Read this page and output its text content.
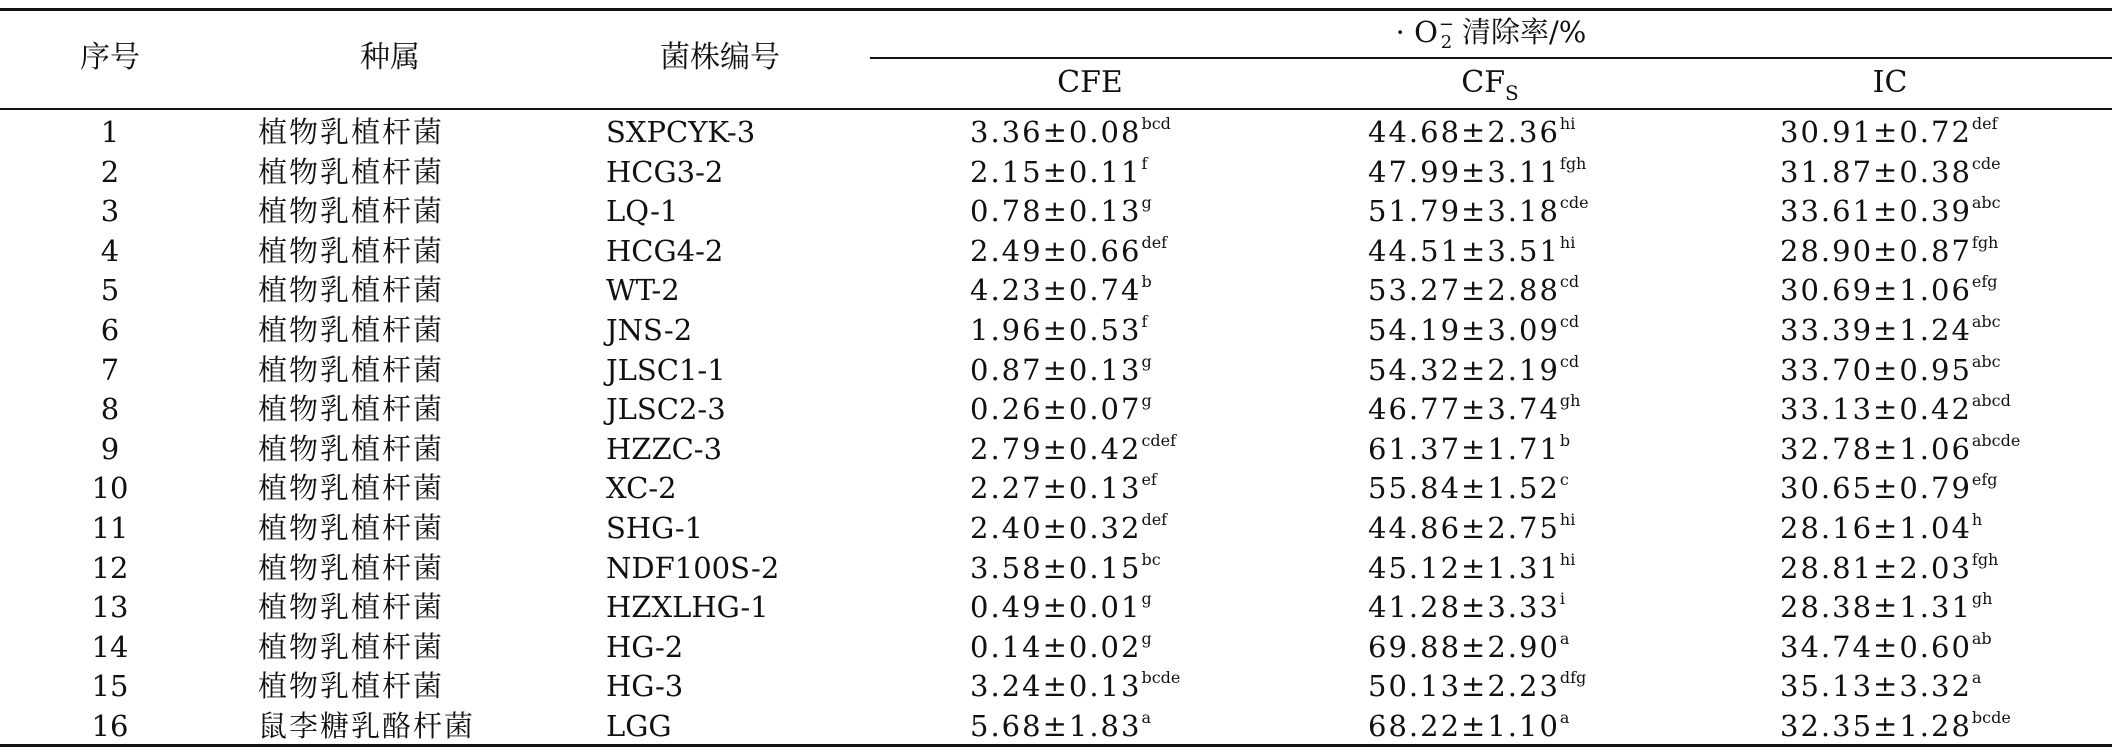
序号	种属	菌株编号
· O −
2 清除率/%
CFE	$CF_S$	IC
1	植物乳植杆菌	SXPCYK-3	3.36±0.08$^{bcd}$	$44.68\pm 2.36^{hi}$	30.91±0.72$^{def}$
2	植物乳植杆菌	HCG3-2	2.15±0.11$^f$	47.99±3.11$^{fgh}$	31.87±0.38$^{cde}$
3	植物乳植杆菌	LQ-1	0.78±0.13$^g$	51.79±3.18$^{cde}$	33.61±0.39$^{abc}$
4	植物乳植杆菌	HCG4-2	2.49±0.66$^{def}$	$44.51\pm 3.51^{hi}$	28.90±0.87$^{fgh}$
5	植物乳植杆菌	WT-2	4.23±0.74$^b$	53.27±2.88$^{cd}$	30.69±1.06$^{efg}$
6	植物乳植杆菌	JNS-2	1.96±0.53$^f$	54.19±3.09$^{cd}$	33.39±1.24$^{abc}$
7	植物乳植杆菌	JLSC1-1	0.87±0.13$^g$	54.32±2.19$^{cd}$	33.70±0.95$^{abc}$
8	植物乳植杆菌	JLSC2-3	0.26±0.07$^g$	46.77±3.74$^{gh}$	$33.13\pm 0.42^{abcd}$
9	植物乳植杆菌	HZZC-3	$2.79\pm 0.42^{cdef}$	61.37±1.71$^b$	$32.78\pm 1.06^{abcde}$
10	植物乳植杆菌	XC-2	2.27±0.13$^{ef}$	55.84±1.52$^c$	30.65±0.79$^{efg}$
11	植物乳植杆菌	SHG-1	2.40±0.32$^{def}$	$44.86\pm 2.75^{hi}$	28.16±1.04$^h$
12	植物乳植杆菌	NDF100S-2	3.58±0.15$^{bc}$	$45.12\pm 1.31^{hi}$	28.81±2.03$^{fgh}$
13	植物乳植杆菌	HZXLHG-1	0.49±0.01$^g$	$41.28\pm 3.33^i$	28.38±1.31$^{gh}$
14	植物乳植杆菌	HG-2	0.14±0.02$^g$	69.88±2.90$^a$	34.74±0.60$^{ab}$
15	植物乳植杆菌	HG-3	$3.24\pm 0.13^{bcde}$	50.13±2.23$^{dfg}$	35.13±3.32$^a$
16	鼠李糖乳酪杆菌	LGG	5.68±1.83$^a$	68.22±1.10$^a$	$32.35\pm 1.28^{bcde}$
